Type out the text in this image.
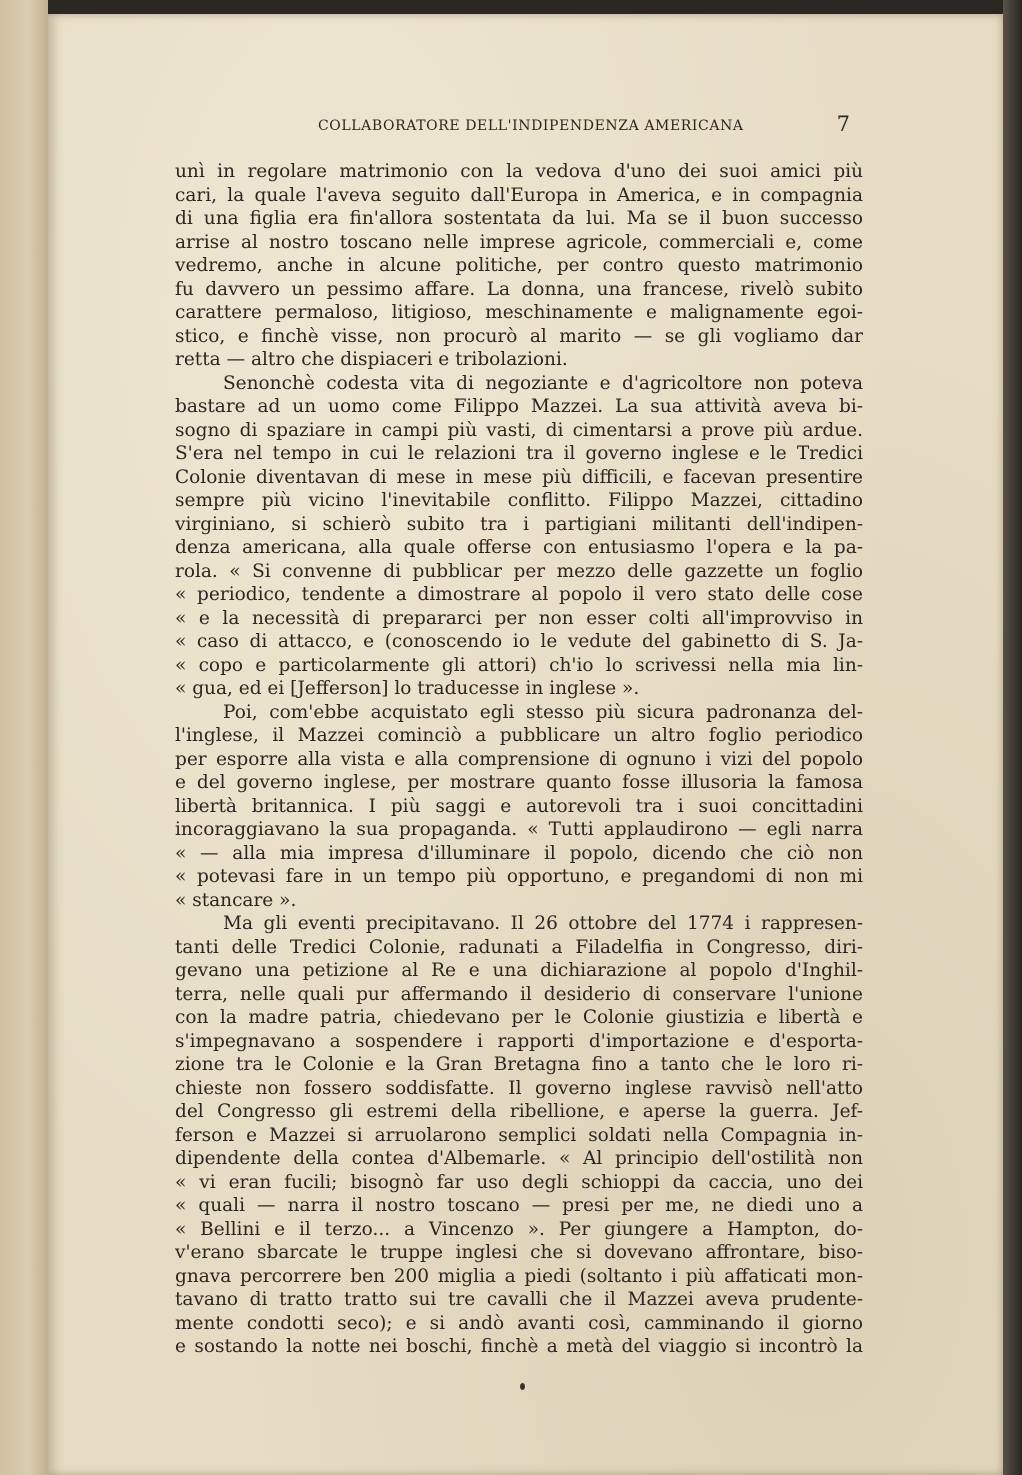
COLLABORATORE DELL'INDIPENDENZA AMERICANA	7
unì in regolare matrimonio con la vedova d'uno dei suoi amici più
cari, la quale l'aveva seguito dall'Europa in America, e in compagnia
di una figlia era fin'allora sostentata da lui. Ma se il buon successo
arrise al nostro toscano nelle imprese agricole, commerciali e, come
vedremo, anche in alcune politiche, per contro questo matrimonio
fu davvero un pessimo affare. La donna, una francese, rivelò subito
carattere permaloso, litigioso, meschinamente e malignamente egoi-
stico, e finchè visse, non procurò al marito — se gli vogliamo dar
retta — altro che dispiaceri e tribolazioni.
Senonchè codesta vita di negoziante e d'agricoltore non poteva
bastare ad un uomo come Filippo Mazzei. La sua attività aveva bi-
sogno di spaziare in campi più vasti, di cimentarsi a prove più ardue.
S'era nel tempo in cui le relazioni tra il governo inglese e le Tredici
Colonie diventavan di mese in mese più difficili, e facevan presentire
sempre più vicino l'inevitabile conflitto. Filippo Mazzei, cittadino
virginiano, si schierò subito tra i partigiani militanti dell'indipen-
denza americana, alla quale offerse con entusiasmo l'opera e la pa-
rola. « Si convenne di pubblicar per mezzo delle gazzette un foglio
« periodico, tendente a dimostrare al popolo il vero stato delle cose
« e la necessità di prepararci per non esser colti all'improvviso in
« caso di attacco, e (conoscendo io le vedute del gabinetto di S. Ja-
« copo e particolarmente gli attori) ch'io lo scrivessi nella mia lin-
« gua, ed ei [Jefferson] lo traducesse in inglese ».
Poi, com'ebbe acquistato egli stesso più sicura padronanza del-
l'inglese, il Mazzei cominciò a pubblicare un altro foglio periodico
per esporre alla vista e alla comprensione di ognuno i vizi del popolo
e del governo inglese, per mostrare quanto fosse illusoria la famosa
libertà britannica. I più saggi e autorevoli tra i suoi concittadini
incoraggiavano la sua propaganda. « Tutti applaudirono — egli narra
« — alla mia impresa d'illuminare il popolo, dicendo che ciò non
« potevasi fare in un tempo più opportuno, e pregandomi di non mi
« stancare ».
Ma gli eventi precipitavano. Il 26 ottobre del 1774 i rappresen-
tanti delle Tredici Colonie, radunati a Filadelfia in Congresso, diri-
gevano una petizione al Re e una dichiarazione al popolo d'Inghil-
terra, nelle quali pur affermando il desiderio di conservare l'unione
con la madre patria, chiedevano per le Colonie giustizia e libertà e
s'impegnavano a sospendere i rapporti d'importazione e d'esporta-
zione tra le Colonie e la Gran Bretagna fino a tanto che le loro ri-
chieste non fossero soddisfatte. Il governo inglese ravvisò nell'atto
del Congresso gli estremi della ribellione, e aperse la guerra. Jef-
ferson e Mazzei si arruolarono semplici soldati nella Compagnia in-
dipendente della contea d'Albemarle. « Al principio dell'ostilità non
« vi eran fucili; bisognò far uso degli schioppi da caccia, uno dei
« quali — narra il nostro toscano — presi per me, ne diedi uno a
« Bellini e il terzo... a Vincenzo ». Per giungere a Hampton, do-
v'erano sbarcate le truppe inglesi che si dovevano affrontare, biso-
gnava percorrere ben 200 miglia a piedi (soltanto i più affaticati mon-
tavano di tratto tratto sui tre cavalli che il Mazzei aveva prudente-
mente condotti seco); e si andò avanti così, camminando il giorno
e sostando la notte nei boschi, finchè a metà del viaggio si incontrò la
